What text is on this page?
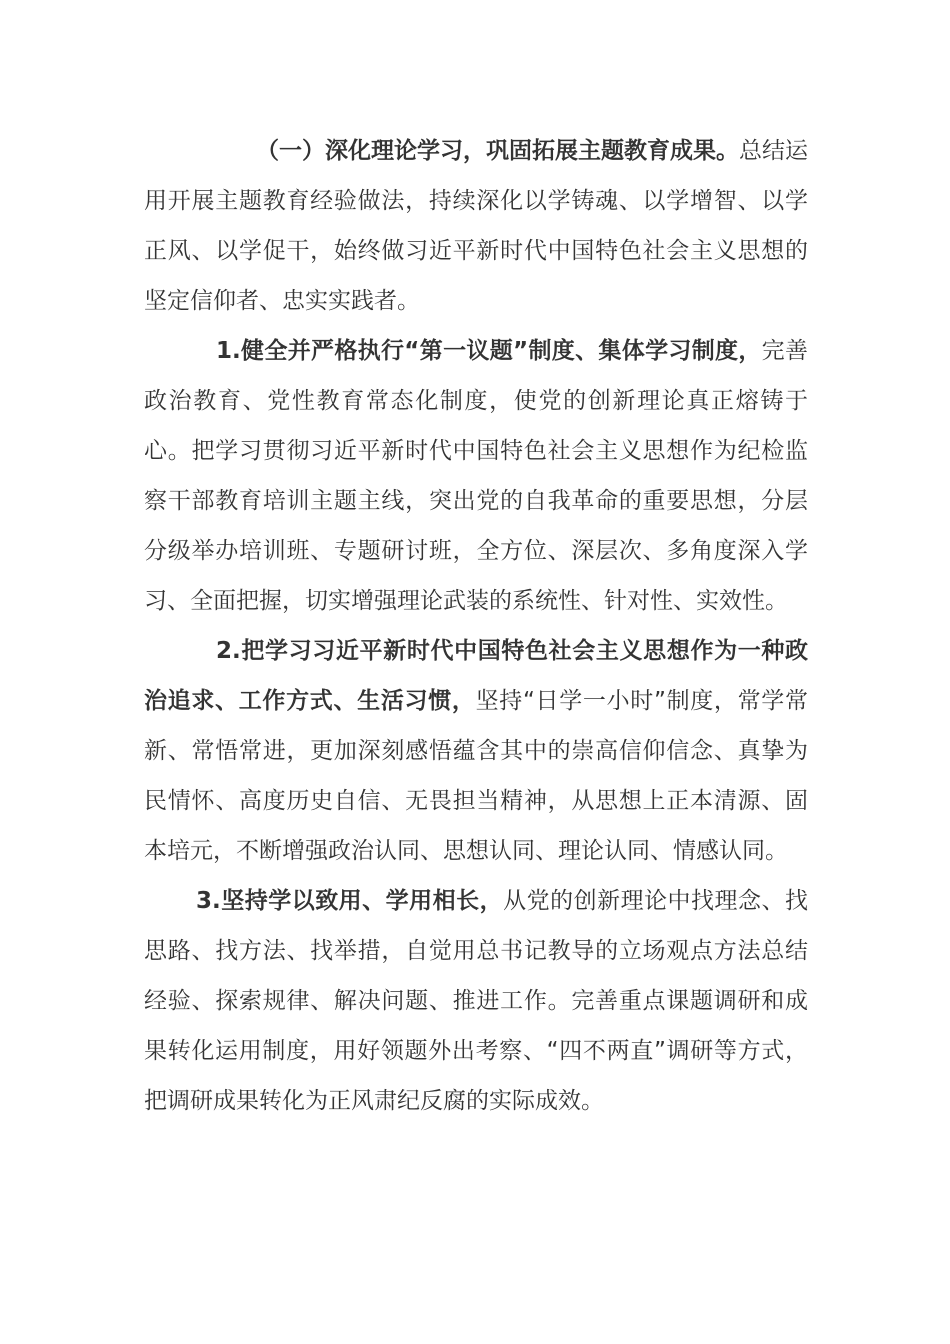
（一）深化理论学习，巩固拓展主题教育成果。总结运用开展主题教育经验做法，持续深化以学铸魂、以学增智、以学正风、以学促干，始终做习近平新时代中国特色社会主义思想的坚定信仰者、忠实实践者。

1.健全并严格执行“第一议题”制度、集体学习制度，完善政治教育、党性教育常态化制度，使党的创新理论真正熔铸于心。把学习贯彻习近平新时代中国特色社会主义思想作为纪检监察干部教育培训主题主线，突出党的自我革命的重要思想，分层分级举办培训班、专题研讨班，全方位、深层次、多角度深入学习、全面把握，切实增强理论武装的系统性、针对性、实效性。

2.把学习习近平新时代中国特色社会主义思想作为一种政治追求、工作方式、生活习惯，坚持“日学一小时”制度，常学常新、常悟常进，更加深刻感悟蕴含其中的崇高信仰信念、真挚为民情怀、高度历史自信、无畏担当精神，从思想上正本清源、固本培元，不断增强政治认同、思想认同、理论认同、情感认同。

3.坚持学以致用、学用相长，从党的创新理论中找理念、找思路、找方法、找举措，自觉用总书记教导的立场观点方法总结经验、探索规律、解决问题、推进工作。完善重点课题调研和成果转化运用制度，用好领题外出考察、“四不两直”调研等方式，把调研成果转化为正风肃纪反腐的实际成效。
